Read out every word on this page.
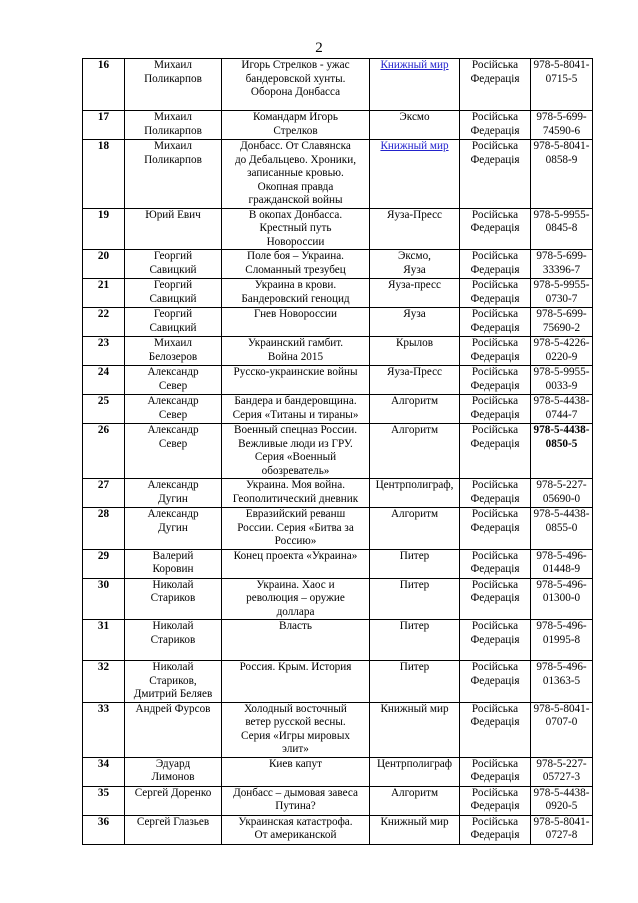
2
16	Михаил
Поликарпов	Игорь Стрелков - ужас
бандеровской хунты.
Оборона Донбасса	Книжный мир	Російська
Федерація	978-5-8041-
0715-5

17	Михаил
Поликарпов	Командарм Игорь
Стрелков	Эксмо	Російська
Федерація	978-5-699-
74590-6

18	Михаил
Поликарпов	Донбасс. От Славянска
до Дебальцево. Хроники,
записанные кровью.
Окопная правда
гражданской войны	Книжный мир	Російська
Федерація	978-5-8041-
0858-9

19	Юрий Евич	В окопах Донбасса.
Крестный путь
Новороссии	Яуза-Пресс	Російська
Федерація	978-5-9955-
0845-8

20	Георгий
Савицкий	Поле боя – Украина.
Сломанный трезубец	Эксмо,
Яуза	Російська
Федерація	978-5-699-
33396-7

21	Георгий
Савицкий	Украина в крови.
Бандеровский геноцид	Яуза-пресс	Російська
Федерація	978-5-9955-
0730-7

22	Георгий
Савицкий	Гнев Новороссии	Яуза	Російська
Федерація	978-5-699-
75690-2

23	Михаил
Белозеров	Украинский гамбит.
Война 2015	Крылов	Російська
Федерація	978-5-4226-
0220-9

24	Александр
Север	Русско-украинские войны	Яуза-Пресс	Російська
Федерація	978-5-9955-
0033-9

25	Александр
Север	Бандера и бандеровщина.
Серия «Титаны и тираны»	Алгоритм	Російська
Федерація	978-5-4438-
0744-7

26	Александр
Север	Военный спецназ России.
Вежливые люди из ГРУ.
Серия «Военный
обозреватель»	Алгоритм	Російська
Федерація	978-5-4438-
0850-5

27	Александр
Дугин	Украина. Моя война.
Геополитический дневник	Центрполиграф,	Російська
Федерація	978-5-227-
05690-0

28	Александр
Дугин	Евразийский реванш
России. Серия «Битва за
Россию»	Алгоритм	Російська
Федерація	978-5-4438-
0855-0

29	Валерий
Коровин	Конец проекта «Украина»	Питер	Російська
Федерація	978-5-496-
01448-9

30	Николай
Стариков	Украина. Хаос и
революция – оружие
доллара	Питер	Російська
Федерація	978-5-496-
01300-0

31	Николай
Стариков	Власть	Питер	Російська
Федерація	978-5-496-
01995-8

32	Николай
Стариков,
Дмитрий Беляев	Россия. Крым. История	Питер	Російська
Федерація	978-5-496-
01363-5

33	Андрей Фурсов	Холодный восточный
ветер русской весны.
Серия «Игры мировых
элит»	Книжный мир	Російська
Федерація	978-5-8041-
0707-0

34	Эдуард
Лимонов	Киев капут	Центрполиграф	Російська
Федерація	978-5-227-
05727-3

35	Сергей Доренко	Донбасс – дымовая завеса
Путина?	Алгоритм	Російська
Федерація	978-5-4438-
0920-5

36	Сергей Глазьев	Украинская катастрофа.
От американской	Книжный мир	Російська
Федерація	978-5-8041-
0727-8
